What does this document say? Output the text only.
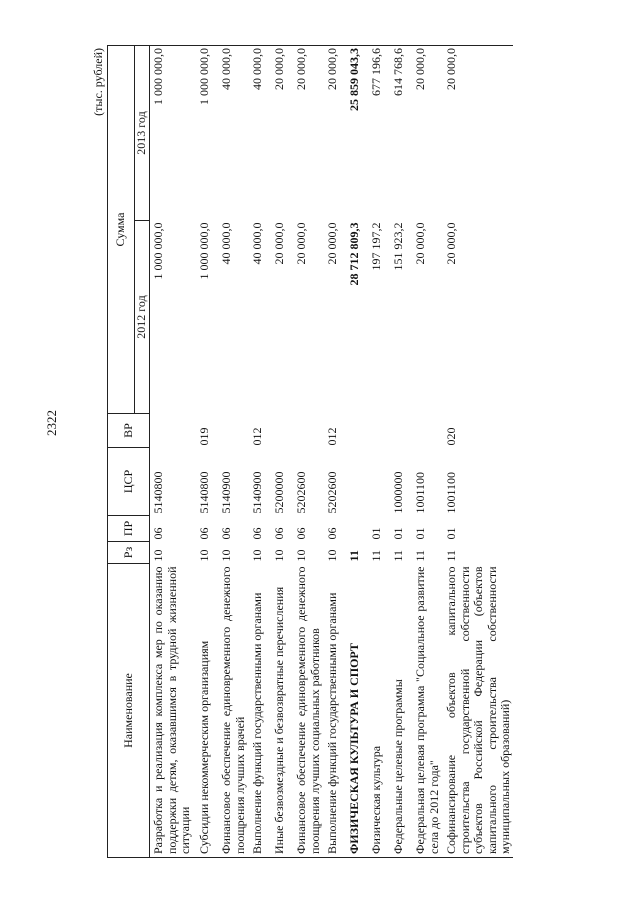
2322
(тыс. рублей)
Наименование	Рз	ПР	ЦСР	ВР	Сумма	
					2012 год	2013 год
Разработка и реализация комплекса мер по оказанию поддержки детям, оказавшимся в трудной жизненной ситуации	10	06	5140800		1 000 000,0	1 000 000,0
Субсидии некоммерческим организациям	10	06	5140800	019	1 000 000,0	1 000 000,0
Финансовое обеспечение единовременного денежного поощрения лучших врачей	10	06	5140900		40 000,0	40 000,0
Выполнение функций государственными органами	10	06	5140900	012	40 000,0	40 000,0
Иные безвозмездные и безвозвратные перечисления	10	06	5200000		20 000,0	20 000,0
Финансовое обеспечение единовременного денежного поощрения лучших социальных работников	10	06	5202600		20 000,0	20 000,0
Выполнение функций государственными органами	10	06	5202600	012	20 000,0	20 000,0
ФИЗИЧЕСКАЯ КУЛЬТУРА И СПОРТ	11				28 712 809,3	25 859 043,3
Физическая культура	11	01			197 197,2	677 196,6
Федеральные целевые программы	11	01	1000000		151 923,2	614 768,6
Федеральная целевая программа "Социальное развитие села до 2012 года"	11	01	1001100		20 000,0	20 000,0
Софинансирование объектов капитального строительства государственной собственности субъектов Российской Федерации (объектов капитального строительства собственности муниципальных образований)	11	01	1001100	020	20 000,0	20 000,0
